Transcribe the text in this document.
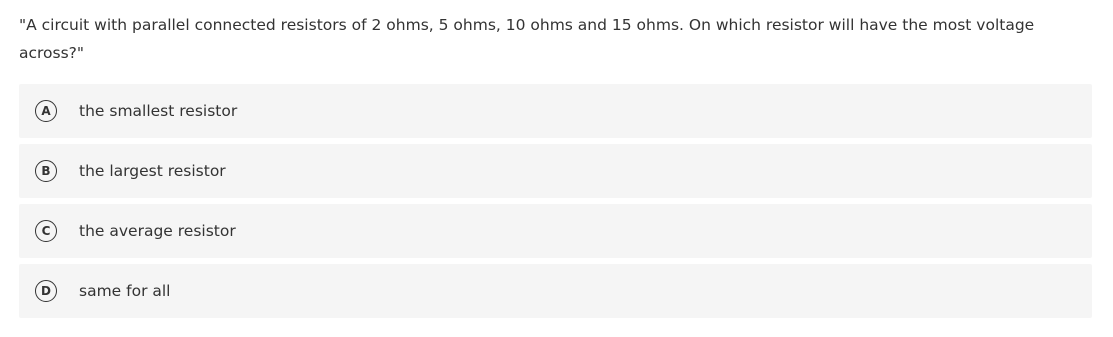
"A circuit with parallel connected resistors of 2 ohms, 5 ohms, 10 ohms and 15 ohms. On which resistor will have the most voltage across?"

A	the smallest resistor
B	the largest resistor
C	the average resistor
D	same for all
